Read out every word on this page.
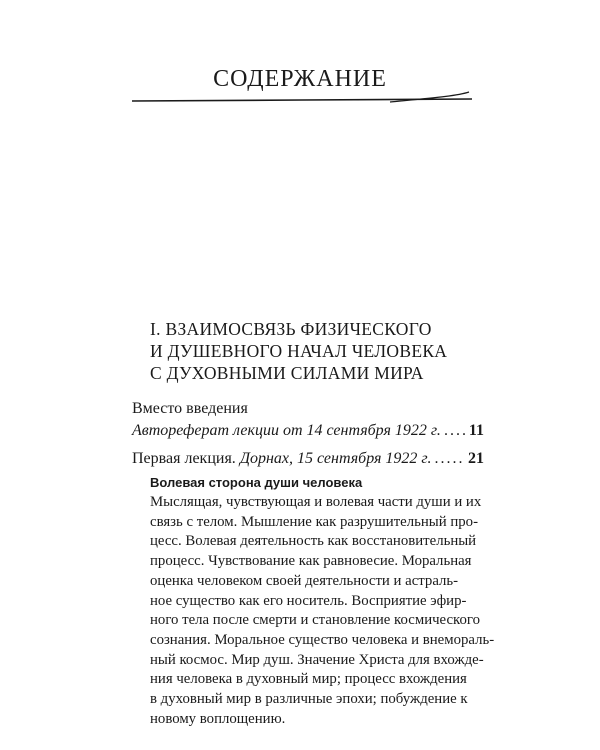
СОДЕРЖАНИЕ
I. ВЗАИМОСВЯЗЬ ФИЗИЧЕСКОГО
И ДУШЕВНОГО НАЧАЛ ЧЕЛОВЕКА
С ДУХОВНЫМИ СИЛАМИ МИРА
Вместо введения
Автореферат лекции от 14 сентября 1922 г. . . . 11
Первая лекция.
Дорнах, 15 сентября 1922 г. . . . 21
Волевая сторона души человека
Мыслящая, чувствующая и волевая части души и их
связь с телом. Мышление как разрушительный про-
цесс. Волевая деятельность как восстановительный
процесс. Чувствование как равновесие. Моральная
оценка человеком своей деятельности и астраль-
ное существо как его носитель. Восприятие эфир-
ного тела после смерти и становление космического
сознания. Моральное существо человека и внемораль-
ный космос. Мир душ. Значение Христа для вхожде-
ния человека в духовный мир; процесс вхождения
в духовный мир в различные эпохи; побуждение к
новому воплощению.
